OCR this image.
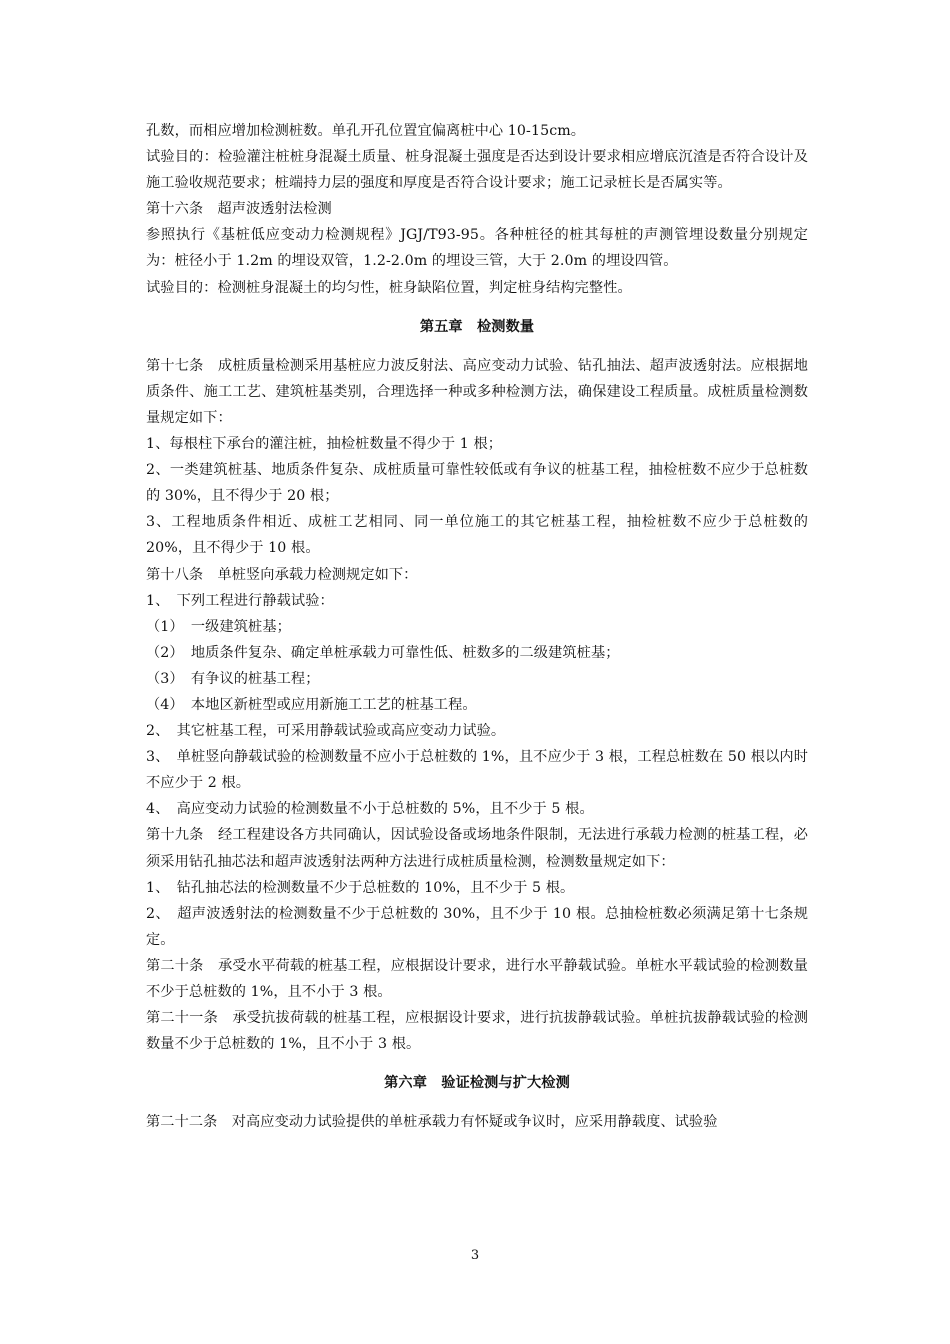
孔数，而相应增加检测桩数。单孔开孔位置宜偏离桩中心 10-15cm。

试验目的：检验灌注桩桩身混凝土质量、桩身混凝土强度是否达到设计要求相应增底沉渣是否符合设计及施工验收规范要求；桩端持力层的强度和厚度是否符合设计要求；施工记录桩长是否属实等。

第十六条　超声波透射法检测

参照执行《基桩低应变动力检测规程》JGJ/T93-95。各种桩径的桩其每桩的声测管埋设数量分别规定为：桩径小于 1.2m 的埋设双管，1.2-2.0m 的埋设三管，大于 2.0m 的埋设四管。

试验目的：检测桩身混凝土的均匀性，桩身缺陷位置，判定桩身结构完整性。

第五章　检测数量

第十七条　成桩质量检测采用基桩应力波反射法、高应变动力试验、钻孔抽法、超声波透射法。应根据地质条件、施工工艺、建筑桩基类别，合理选择一种或多种检测方法，确保建设工程质量。成桩质量检测数量规定如下：

1、每根柱下承台的灌注桩，抽检桩数量不得少于 1 根；

2、一类建筑桩基、地质条件复杂、成桩质量可靠性较低或有争议的桩基工程，抽检桩数不应少于总桩数的 30%，且不得少于 20 根；

3、工程地质条件相近、成桩工艺相同、同一单位施工的其它桩基工程，抽检桩数不应少于总桩数的 20%，且不得少于 10 根。

第十八条　单桩竖向承载力检测规定如下：

1、　下列工程进行静载试验：

（1）　一级建筑桩基；

（2）　地质条件复杂、确定单桩承载力可靠性低、桩数多的二级建筑桩基；

（3）　有争议的桩基工程；

（4）　本地区新桩型或应用新施工工艺的桩基工程。

2、　其它桩基工程，可采用静载试验或高应变动力试验。

3、　单桩竖向静载试验的检测数量不应小于总桩数的 1%，且不应少于 3 根，工程总桩数在 50 根以内时不应少于 2 根。

4、　高应变动力试验的检测数量不小于总桩数的 5%，且不少于 5 根。

第十九条　经工程建设各方共同确认，因试验设备或场地条件限制，无法进行承载力检测的桩基工程，必须采用钻孔抽芯法和超声波透射法两种方法进行成桩质量检测，检测数量规定如下：

1、　钻孔抽芯法的检测数量不少于总桩数的 10%，且不少于 5 根。

2、　超声波透射法的检测数量不少于总桩数的 30%，且不少于 10 根。总抽检桩数必须满足第十七条规定。

第二十条　承受水平荷载的桩基工程，应根据设计要求，进行水平静载试验。单桩水平载试验的检测数量不少于总桩数的 1%，且不小于 3 根。

第二十一条　承受抗拔荷载的桩基工程，应根据设计要求，进行抗拔静载试验。单桩抗拔静载试验的检测数量不少于总桩数的 1%，且不小于 3 根。

第六章　验证检测与扩大检测

第二十二条　对高应变动力试验提供的单桩承载力有怀疑或争议时，应采用静载度、试验验

3
